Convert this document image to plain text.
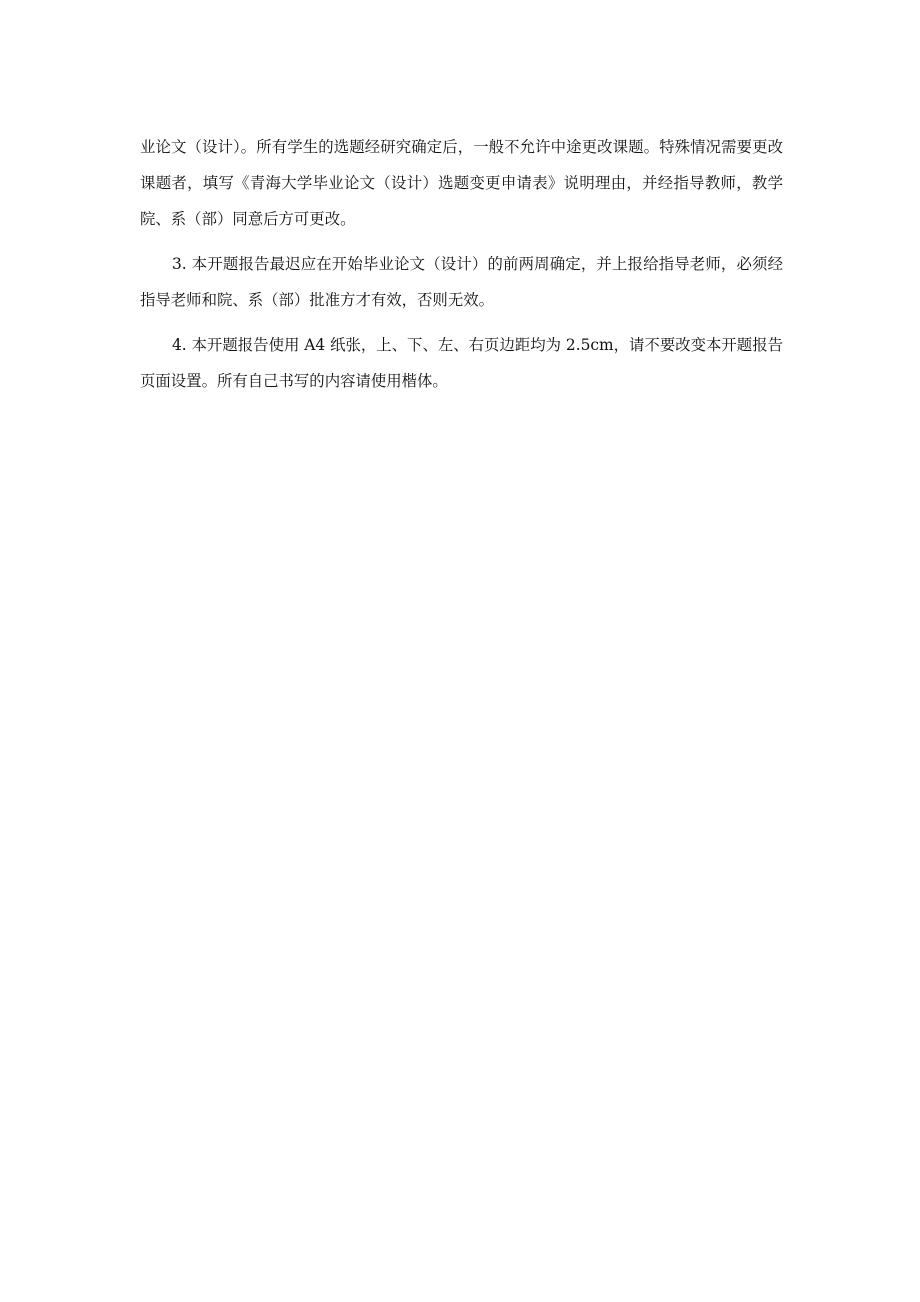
业论文（设计）。所有学生的选题经研究确定后，一般不允许中途更改课题。特殊情况需要更改课题者，填写《青海大学毕业论文（设计）选题变更申请表》说明理由，并经指导教师，教学院、系（部）同意后方可更改。

3. 本开题报告最迟应在开始毕业论文（设计）的前两周确定，并上报给指导老师，必须经指导老师和院、系（部）批准方才有效，否则无效。

4. 本开题报告使用 A4 纸张，上、下、左、右页边距均为 2.5cm，请不要改变本开题报告页面设置。所有自己书写的内容请使用楷体。
